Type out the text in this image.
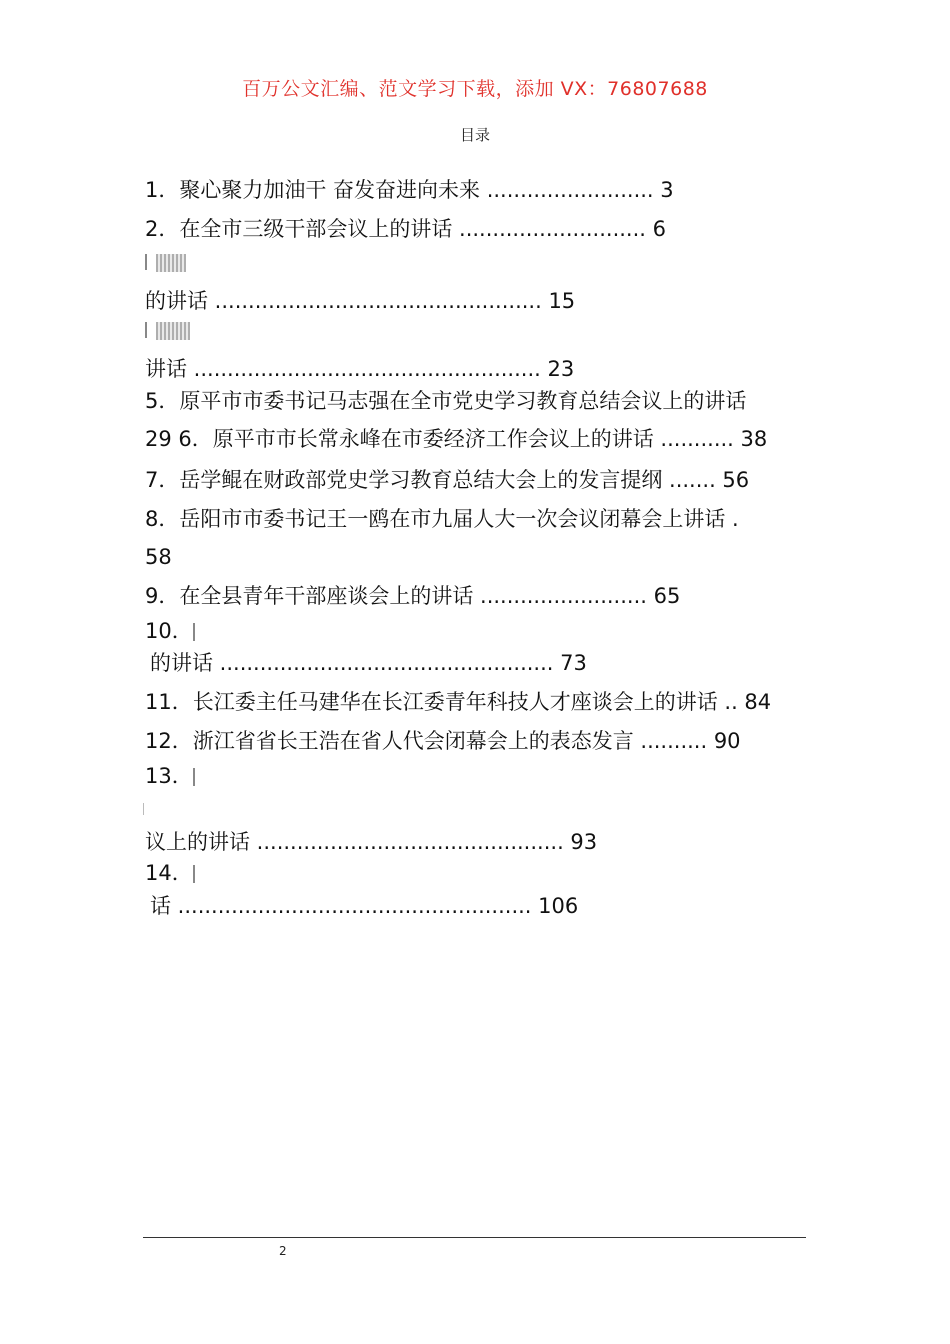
百万公文汇编、范文学习下载，添加 VX：76807688
目录
1．聚心聚力加油干 奋发奋进向未来 ......................... 3
2．在全市三级干部会议上的讲话 ............................ 6

的讲话 ................................................. 15

讲话 .................................................... 23
5．原平市市委书记马志强在全市党史学习教育总结会议上的讲话
29 6．原平市市长常永峰在市委经济工作会议上的讲话 ........... 38
7．岳学鲲在财政部党史学习教育总结大会上的发言提纲 ....... 56
8．岳阳市市委书记王一鸥在市九届人大一次会议闭幕会上讲话 .
58
9．在全县青年干部座谈会上的讲话 ......................... 65
10．
的讲话 .................................................. 73
11．长江委主任马建华在长江委青年科技人才座谈会上的讲话 .. 84
12．浙江省省长王浩在省人代会闭幕会上的表态发言 .......... 90
13．
议上的讲话 .............................................. 93
14．
话 ..................................................... 106
2
